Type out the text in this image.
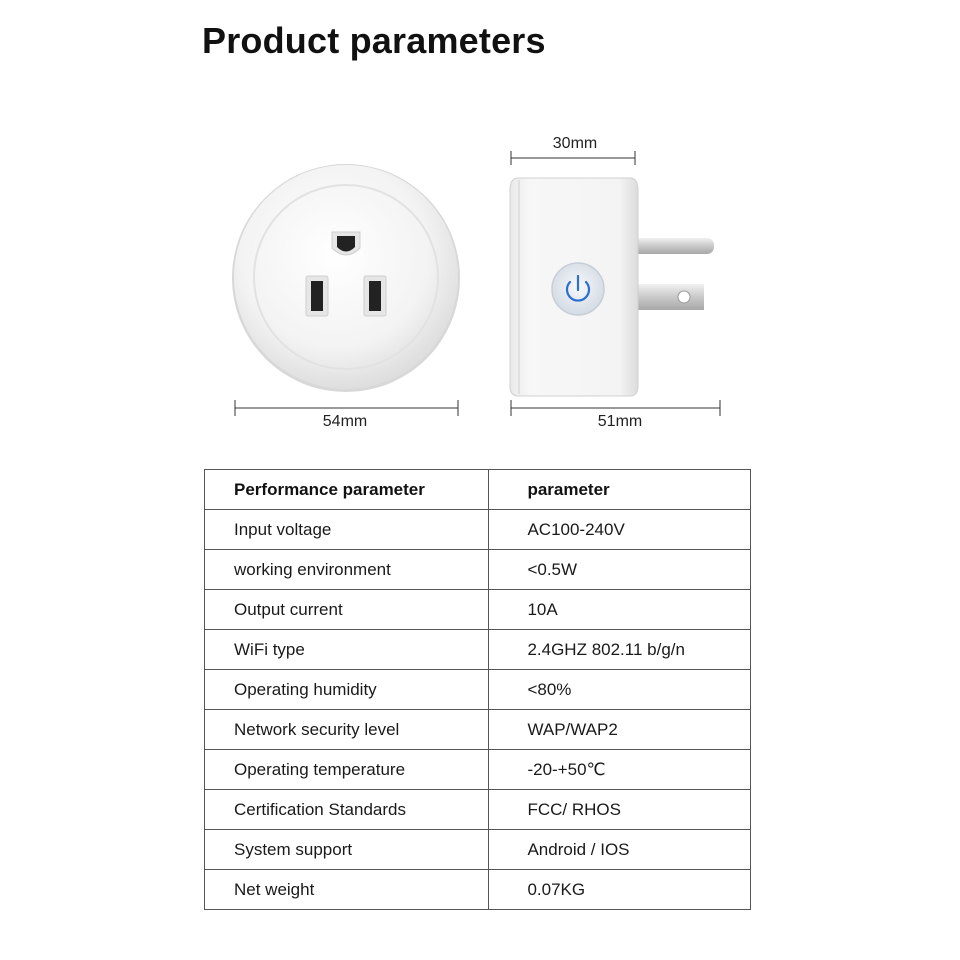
Product parameters
54mm
30mm
51mm
Performance parameter	parameter
Input voltage	AC100-240V
working environment	<0.5W
Output current	10A
WiFi type	2.4GHZ 802.11 b/g/n
Operating humidity	<80%
Network security level	WAP/WAP2
Operating temperature	-20-+50℃
Certification Standards	FCC/ RHOS
System support	Android / IOS
Net weight	0.07KG
